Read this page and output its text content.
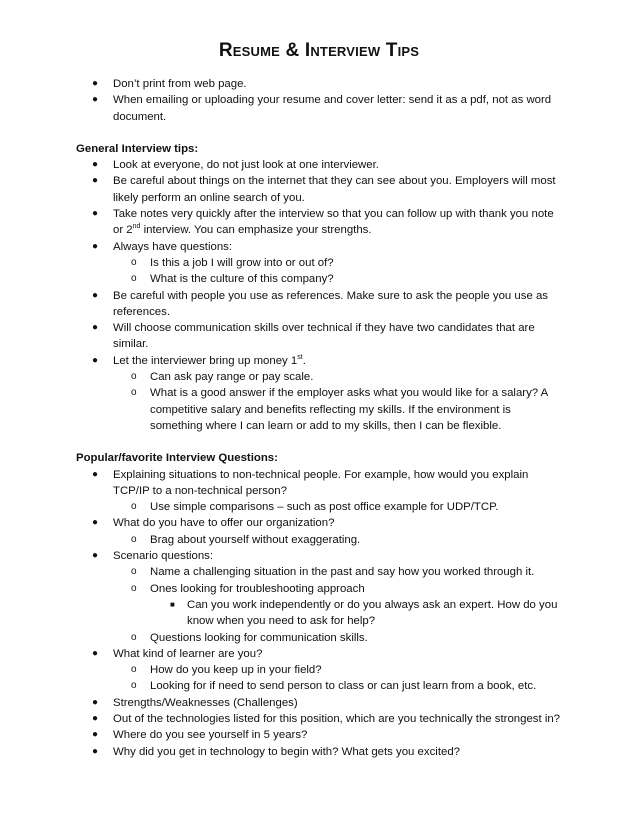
Resume & Interview Tips
● Don’t print from web page.
● When emailing or uploading your resume and cover letter: send it as a pdf, not as word document.
General Interview tips:
● Look at everyone, do not just look at one interviewer.
● Be careful about things on the internet that they can see about you. Employers will most likely perform an online search of you.
● Take notes very quickly after the interview so that you can follow up with thank you note or 2nd interview. You can emphasize your strengths.
● Always have questions:
o Is this a job I will grow into or out of?
o What is the culture of this company?
● Be careful with people you use as references. Make sure to ask the people you use as references.
● Will choose communication skills over technical if they have two candidates that are similar.
● Let the interviewer bring up money 1st.
o Can ask pay range or pay scale.
o What is a good answer if the employer asks what you would like for a salary? A competitive salary and benefits reflecting my skills. If the environment is something where I can learn or add to my skills, then I can be flexible.
Popular/favorite Interview Questions:
● Explaining situations to non-technical people. For example, how would you explain TCP/IP to a non-technical person?
o Use simple comparisons – such as post office example for UDP/TCP.
● What do you have to offer our organization?
o Brag about yourself without exaggerating.
● Scenario questions:
o Name a challenging situation in the past and say how you worked through it.
o Ones looking for troubleshooting approach
■ Can you work independently or do you always ask an expert. How do you know when you need to ask for help?
o Questions looking for communication skills.
● What kind of learner are you?
o How do you keep up in your field?
o Looking for if need to send person to class or can just learn from a book, etc.
● Strengths/Weaknesses (Challenges)
● Out of the technologies listed for this position, which are you technically the strongest in?
● Where do you see yourself in 5 years?
● Why did you get in technology to begin with? What gets you excited?
